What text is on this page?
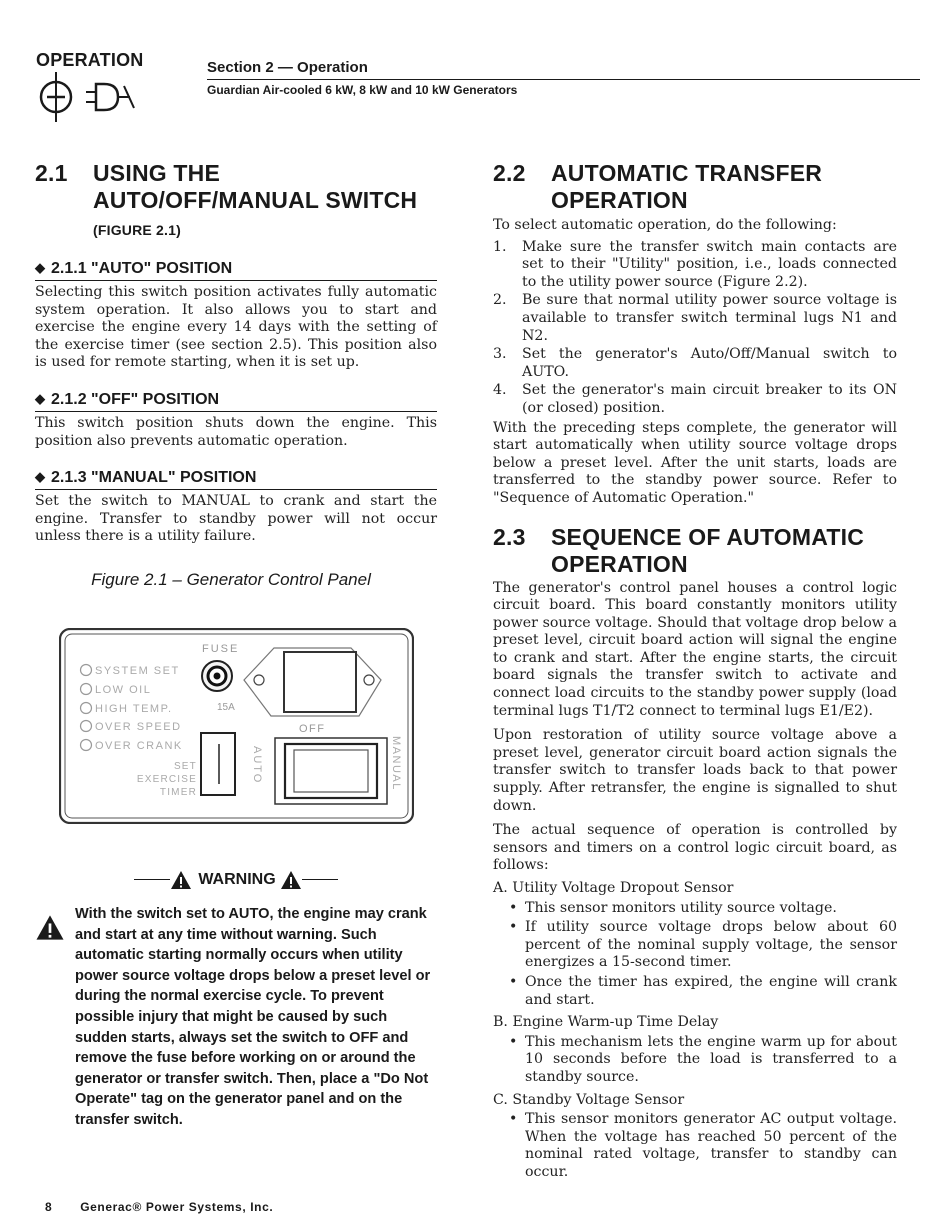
OPERATION	Section 2 — Operation
Guardian Air-cooled 6 kW, 8 kW and 10 kW Generators
2.1	USING THE AUTO/OFF/MANUAL SWITCH (FIGURE 2.1)
◆ 2.1.1 "AUTO" POSITION

Selecting this switch position activates fully automatic system operation. It also allows you to start and exercise the engine every 14 days with the setting of the exercise timer (see section 2.5). This position also is used for remote starting, when it is set up.

◆ 2.1.2 "OFF" POSITION

This switch position shuts down the engine. This position also prevents automatic operation.

◆ 2.1.3 "MANUAL" POSITION

Set the switch to MANUAL to crank and start the engine. Transfer to standby power will not occur unless there is a utility failure.

Figure 2.1 – Generator Control Panel
FUSE
15A
SYSTEM SET
LOW OIL
HIGH TEMP.
OVER SPEED
OVER CRANK
OFF
SET
EXERCISE
TIMER
AUTO	MANUAL
WARNING
With the switch set to AUTO, the engine may crank and start at any time without warning. Such automatic starting normally occurs when utility power source voltage drops below a preset level or during the normal exercise cycle. To prevent possible injury that might be caused by such sudden starts, always set the switch to OFF and remove the fuse before working on or around the generator or transfer switch. Then, place a "Do Not Operate" tag on the generator panel and on the transfer switch.
2.2	AUTOMATIC TRANSFER OPERATION

To select automatic operation, do the following:

1. Make sure the transfer switch main contacts are set to their "Utility" position, i.e., loads connected to the utility power source (Figure 2.2).
2. Be sure that normal utility power source voltage is available to transfer switch terminal lugs N1 and N2.
3. Set the generator's Auto/Off/Manual switch to AUTO.
4. Set the generator's main circuit breaker to its ON (or closed) position.

With the preceding steps complete, the generator will start automatically when utility source voltage drops below a preset level. After the unit starts, loads are transferred to the standby power source. Refer to "Sequence of Automatic Operation."

2.3	SEQUENCE OF AUTOMATIC OPERATION

The generator's control panel houses a control logic circuit board. This board constantly monitors utility power source voltage. Should that voltage drop below a preset level, circuit board action will signal the engine to crank and start. After the engine starts, the circuit board signals the transfer switch to activate and connect load circuits to the standby power supply (load terminal lugs T1/T2 connect to terminal lugs E1/E2).

Upon restoration of utility source voltage above a preset level, generator circuit board action signals the transfer switch to transfer loads back to that power supply. After retransfer, the engine is signalled to shut down.

The actual sequence of operation is controlled by sensors and timers on a control logic circuit board, as follows:

A. Utility Voltage Dropout Sensor
• This sensor monitors utility source voltage.
• If utility source voltage drops below about 60 percent of the nominal supply voltage, the sensor energizes a 15-second timer.
• Once the timer has expired, the engine will crank and start.
B. Engine Warm-up Time Delay
• This mechanism lets the engine warm up for about 10 seconds before the load is transferred to a standby source.
C. Standby Voltage Sensor
• This sensor monitors generator AC output voltage. When the voltage has reached 50 percent of the nominal rated voltage, transfer to standby can occur.
8 Generac® Power Systems, Inc.
